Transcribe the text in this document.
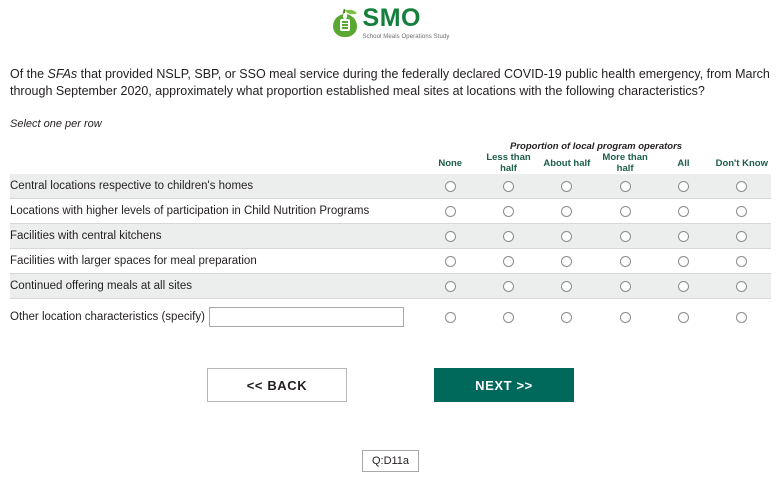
SMO
School Meals Operations Study
Of the SFAs that provided NSLP, SBP, or SSO meal service during the federally declared COVID-19 public health emergency, from March through September 2020, approximately what proportion established meal sites at locations with the following characteristics?
Select one per row
	Proportion of local program operators					
	None	Less than half	About half	More than half	All	Don't Know
Central locations respective to children's homes						
Locations with higher levels of participation in Child Nutrition Programs						
Facilities with central kitchens						
Facilities with larger spaces for meal preparation						
Continued offering meals at all sites						

Other location characteristics (specify)						

<< BACK	NEXT >>
Q:D11a
